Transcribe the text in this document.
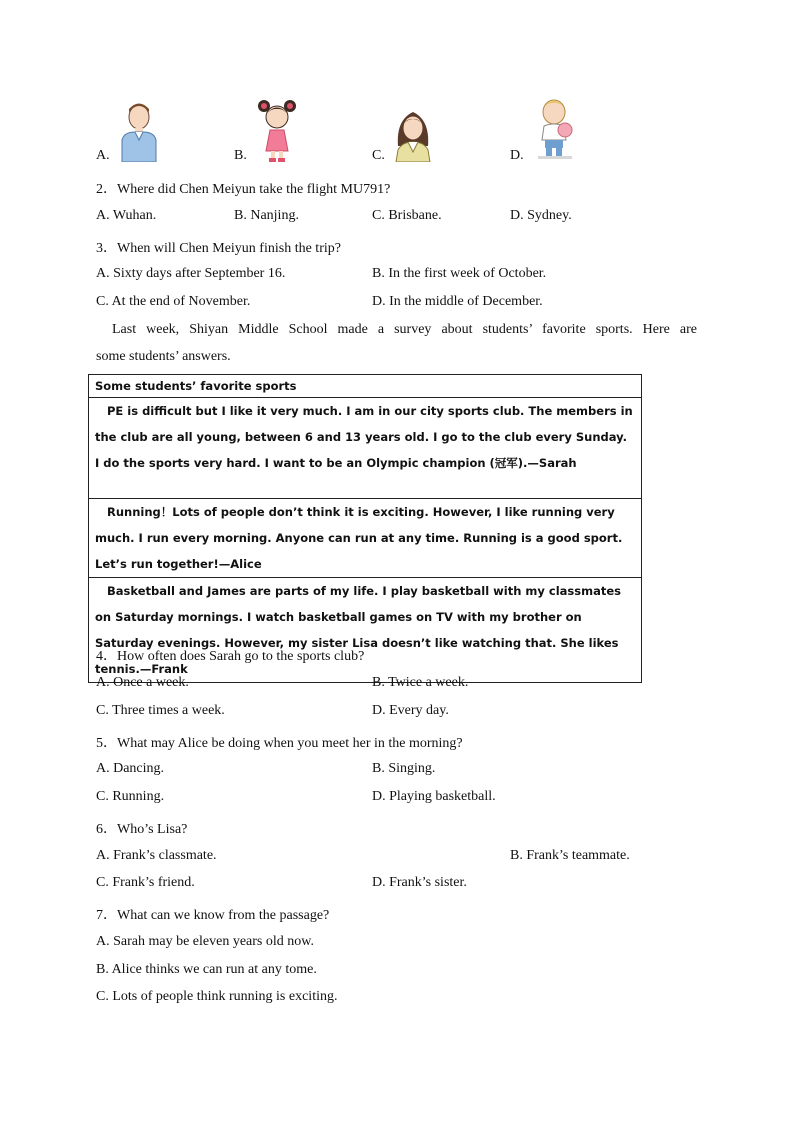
A.	B.	C.	D.
2．Where did Chen Meiyun take the flight MU791?
A. Wuhan.	B. Nanjing.	C. Brisbane.	D. Sydney.
3．When will Chen Meiyun finish the trip?
A. Sixty days after September 16.	B. In the first week of October.
C. At the end of November.	D. In the middle of December.
Last week, Shiyan Middle School made a survey about students’ favorite sports. Here are
some students’ answers.
Some students’ favorite sports
PE is difficult but I like it very much. I am in our city sports club. The members in the club are all young, between 6 and 13 years old. I go to the club every Sunday. I do the sports very hard. I want to be an Olympic champion (冠军).—Sarah
Running！Lots of people don’t think it is exciting. However, I like running very much. I run every morning. Anyone can run at any time. Running is a good sport. Let’s run together!—Alice
Basketball and James are parts of my life. I play basketball with my classmates on Saturday mornings. I watch basketball games on TV with my brother on Saturday evenings. However, my sister Lisa doesn’t like watching that. She likes tennis.—Frank
4．How often does Sarah go to the sports club?
A. Once a week.	B. Twice a week.
C. Three times a week.	D. Every day.
5．What may Alice be doing when you meet her in the morning?
A. Dancing.	B. Singing.
C. Running.	D. Playing basketball.
6．Who’s Lisa?
A. Frank’s classmate.	B. Frank’s teammate.
C. Frank’s friend.	D. Frank’s sister.
7．What can we know from the passage?
A. Sarah may be eleven years old now.
B. Alice thinks we can run at any tome.
C. Lots of people think running is exciting.
